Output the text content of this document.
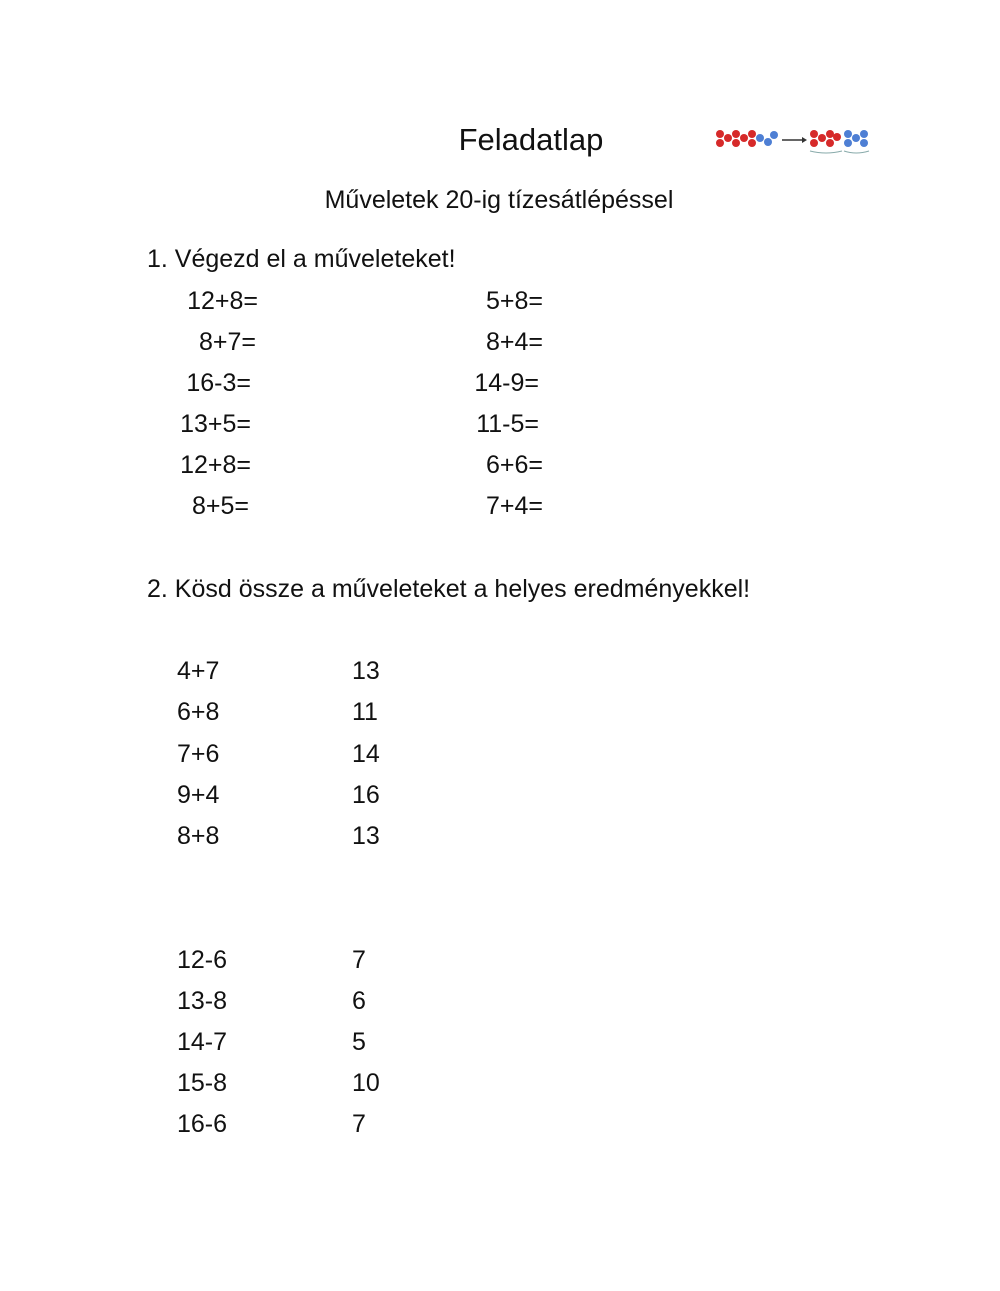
Feladatlap
Műveletek 20-ig tízesátlépéssel
1. Végezd el a műveleteket!
12+8=
8+7=
16-3=
13+5=
12+8=
8+5=
5+8=
8+4=
14-9=
11-5=
6+6=
7+4=
2. Kösd össze a műveleteket a helyes eredményekkel!
4+7
6+8
7+6
9+4
8+8
13
11
14
16
13
12-6
13-8
14-7
15-8
16-6
7
6
5
10
7
